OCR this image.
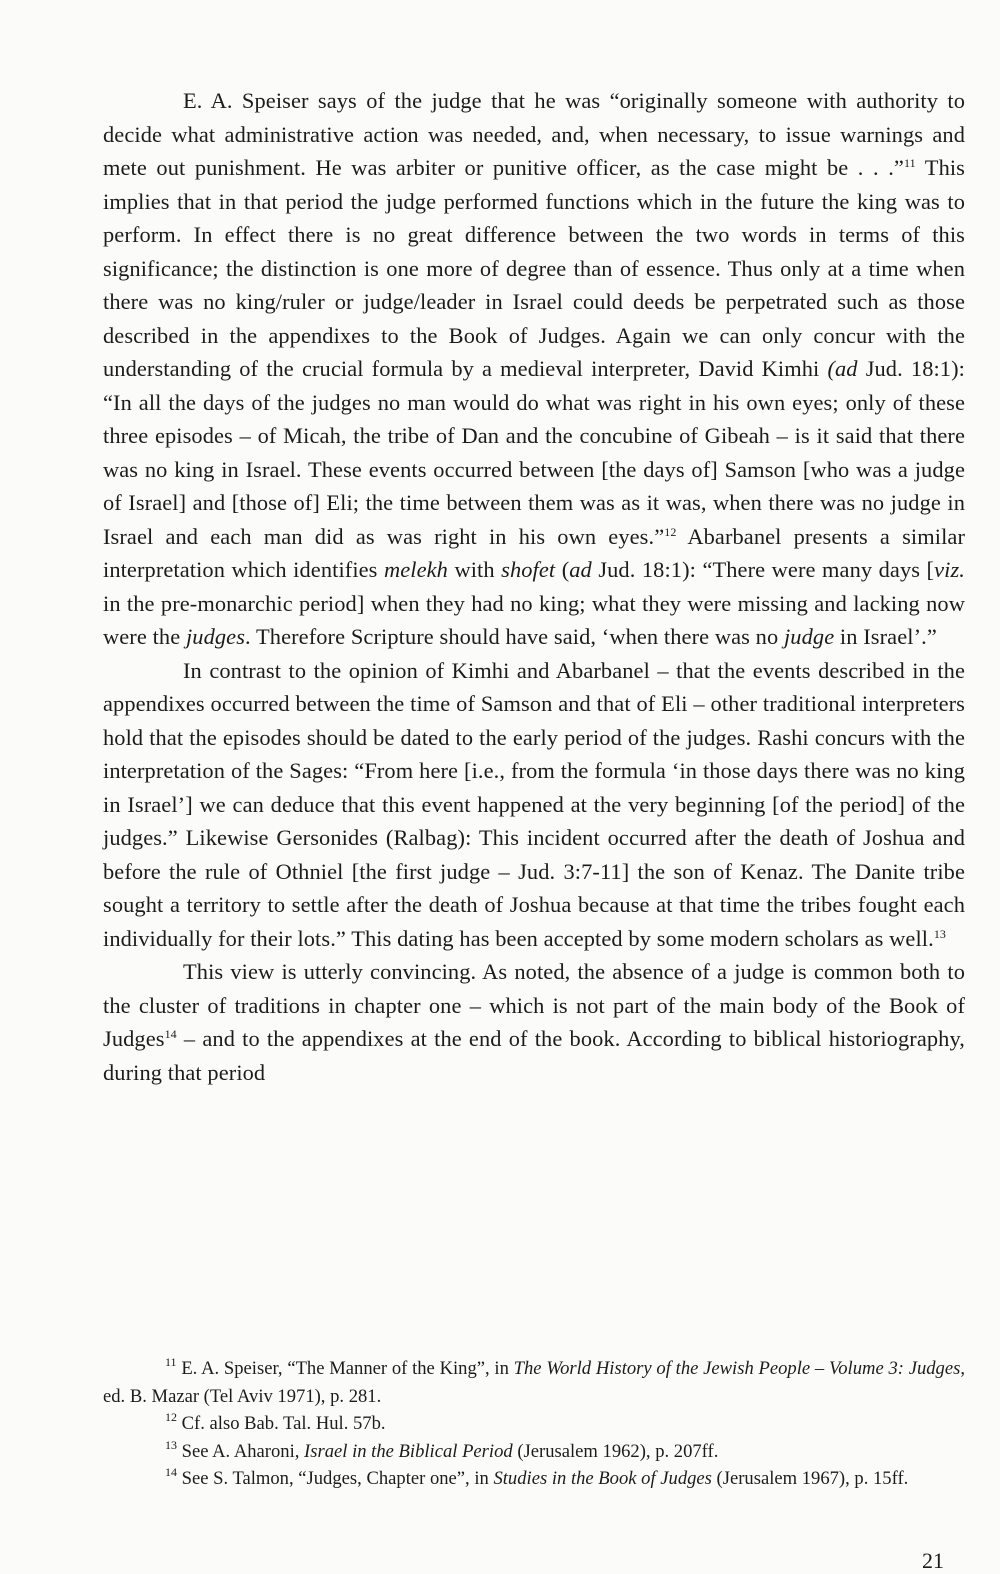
E. A. Speiser says of the judge that he was “originally someone with authority to decide what administrative action was needed, and, when necessary, to issue warnings and mete out punishment. He was arbiter or punitive officer, as the case might be . . .”$^{11}$ This implies that in that period the judge performed functions which in the future the king was to perform. In effect there is no great difference between the two words in terms of this significance; the distinction is one more of degree than of essence. Thus only at a time when there was no king/ruler or judge/leader in Israel could deeds be perpetrated such as those described in the appendixes to the Book of Judges. Again we can only concur with the understanding of the crucial formula by a medieval interpreter, David Kimhi (ad Jud. 18:1): “In all the days of the judges no man would do what was right in his own eyes; only of these three episodes – of Micah, the tribe of Dan and the concubine of Gibeah – is it said that there was no king in Israel. These events occurred between [the days of] Samson [who was a judge of Israel] and [those of] Eli; the time between them was as it was, when there was no judge in Israel and each man did as was right in his own eyes.”$^{12}$ Abarbanel presents a similar interpretation which identifies melekh with shofet (ad Jud. 18:1): “There were many days [viz. in the pre-monarchic period] when they had no king; what they were missing and lacking now were the judges. Therefore Scripture should have said, ‘when there was no judge in Israel’.”

In contrast to the opinion of Kimhi and Abarbanel – that the events described in the appendixes occurred between the time of Samson and that of Eli – other traditional interpreters hold that the episodes should be dated to the early period of the judges. Rashi concurs with the interpretation of the Sages: “From here [i.e., from the formula ‘in those days there was no king in Israel’] we can deduce that this event happened at the very beginning [of the period] of the judges.” Likewise Gersonides (Ralbag): This incident occurred after the death of Joshua and before the rule of Othniel [the first judge – Jud. 3:7-11] the son of Kenaz. The Danite tribe sought a territory to settle after the death of Joshua because at that time the tribes fought each individually for their lots.” This dating has been accepted by some modern scholars as well.$^{13}$

This view is utterly convincing. As noted, the absence of a judge is common both to the cluster of traditions in chapter one – which is not part of the main body of the Book of Judges$^{14}$ – and to the appendixes at the end of the book. According to biblical historiography, during that period

$^{11}$ E. A. Speiser, “The Manner of the King”, in The World History of the Jewish People – Volume 3: Judges, ed. B. Mazar (Tel Aviv 1971), p. 281.

$^{12}$ Cf. also Bab. Tal. Hul. 57b.

$^{13}$ See A. Aharoni, Israel in the Biblical Period (Jerusalem 1962), p. 207ff.

$^{14}$ See S. Talmon, “Judges, Chapter one”, in Studies in the Book of Judges (Jerusalem 1967), p. 15ff.

21
